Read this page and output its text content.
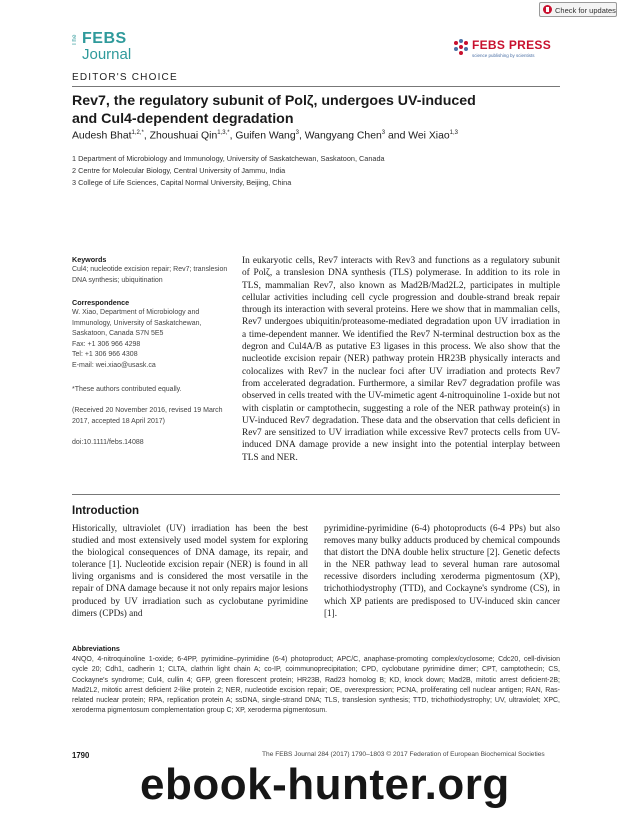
Check for updates
The FEBS
Journal
FEBS PRESS
science publishing by scientists
EDITOR'S CHOICE
Rev7, the regulatory subunit of Polζ, undergoes UV-induced
and Cul4-dependent degradation
Audesh Bhat$^{1,2,*}$, Zhoushuai Qin$^{1,3,*}$, Guifen Wang$^3$, Wangyang Chen$^3$ and Wei Xiao$^{1,3}$
1 Department of Microbiology and Immunology, University of Saskatchewan, Saskatoon, Canada
2 Centre for Molecular Biology, Central University of Jammu, India
3 College of Life Sciences, Capital Normal University, Beijing, China
Keywords
Cul4; nucleotide excision repair; Rev7; translesion DNA synthesis; ubiquitination
Correspondence
W. Xiao, Department of Microbiology and
Immunology, University of Saskatchewan,
Saskatoon, Canada S7N 5E5
Fax: +1 306 966 4298
Tel: +1 306 966 4308
E-mail: wei.xiao@usask.ca
*These authors contributed equally.
(Received 20 November 2016, revised 19 March 2017, accepted 18 April 2017)
doi:10.1111/febs.14088
In eukaryotic cells, Rev7 interacts with Rev3 and functions as a regulatory subunit of Polζ, a translesion DNA synthesis (TLS) polymerase. In addition to its role in TLS, mammalian Rev7, also known as Mad2B/Mad2L2, participates in multiple cellular activities including cell cycle progression and double-strand break repair through its interaction with several proteins. Here we show that in mammalian cells, Rev7 undergoes ubiquitin/proteasome-mediated degradation upon UV irradiation in a time-dependent manner. We identified the Rev7 N-terminal destruction box as the degron and Cul4A/B as putative E3 ligases in this process. We also show that the nucleotide excision repair (NER) pathway protein HR23B physically interacts and colocalizes with Rev7 in the nuclear foci after UV irradiation and protects Rev7 from accelerated degradation. Furthermore, a similar Rev7 degradation profile was observed in cells treated with the UV-mimetic agent 4-nitroquinoline 1-oxide but not with cisplatin or camptothecin, suggesting a role of the NER pathway protein(s) in UV-induced Rev7 degradation. These data and the observation that cells deficient in Rev7 are sensitized to UV irradiation while excessive Rev7 protects cells from UV-induced DNA damage provide a new insight into the potential interplay between TLS and NER.
Introduction
Historically, ultraviolet (UV) irradiation has been the best studied and most extensively used model system for exploring the biological consequences of DNA damage, its repair, and tolerance [1]. Nucleotide excision repair (NER) is found in all living organisms and is considered the most versatile in the repair of DNA damage because it not only repairs major lesions produced by UV irradiation such as cyclobutane pyrimidine dimers (CPDs) and
pyrimidine-pyrimidine (6-4) photoproducts (6-4 PPs) but also removes many bulky adducts produced by chemical compounds that distort the DNA double helix structure [2]. Genetic defects in the NER pathway lead to several human rare autosomal recessive disorders including xeroderma pigmentosum (XP), trichothiodystrophy (TTD), and Cockayne's syndrome (CS), in which XP patients are predisposed to UV-induced skin cancer [1].
Abbreviations
4NQO, 4-nitroquinoline 1-oxide; 6-4PP, pyrimidine–pyrimidine (6-4) photoproduct; APC/C, anaphase-promoting complex/cyclosome; Cdc20, cell-division cycle 20; Cdh1, cadherin 1; CLTA, clathrin light chain A; co-IP, coimmunoprecipitation; CPD, cyclobutane pyrimidine dimer; CPT, camptothecin; CS, Cockayne's syndrome; Cul4, cullin 4; GFP, green florescent protein; HR23B, Rad23 homolog B; KD, knock down; Mad2B, mitotic arrest deficient-2B; Mad2L2, mitotic arrest deficient 2-like protein 2; NER, nucleotide excision repair; OE, overexpression; PCNA, proliferating cell nuclear antigen; RAN, Ras-related nuclear protein; RPA, replication protein A; ssDNA, single-strand DNA; TLS, translesion synthesis; TTD, trichothiodystrophy; UV, ultraviolet; XPC, xeroderma pigmentosum complementation group C; XP, xeroderma pigmentosum.
1790	The FEBS Journal 284 (2017) 1790–1803 © 2017 Federation of European Biochemical Societies
ebook-hunter.org
